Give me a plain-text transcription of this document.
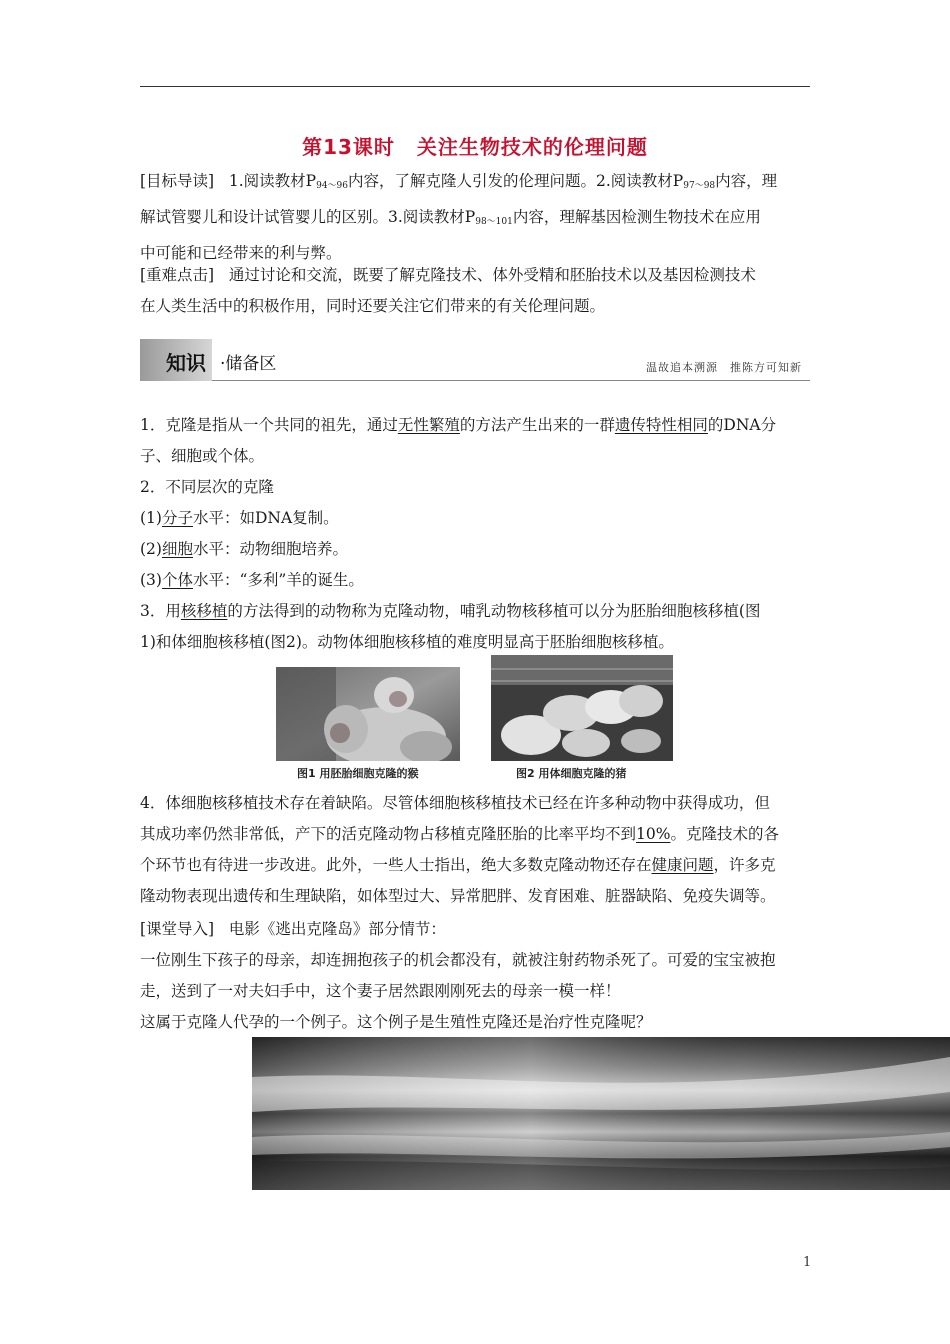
第13课时 关注生物技术的伦理问题
[目标导读] 1.阅读教材$P_{94\sim 96}$内容，了解克隆人引发的伦理问题。2.阅读教材$P_{97\sim 98}$内容，理
解试管婴儿和设计试管婴儿的区别。3.阅读教材$P_{98\sim 101}$内容，理解基因检测生物技术在应用
中可能和已经带来的利与弊。
[重难点击] 通过讨论和交流，既要了解克隆技术、体外受精和胚胎技术以及基因检测技术
在人类生活中的积极作用，同时还要关注它们带来的有关伦理问题。
知识 ·储备区	温故追本溯源　推陈方可知新
1．克隆是指从一个共同的祖先，通过无性繁殖的方法产生出来的一群遗传特性相同的DNA分
子、细胞或个体。
2．不同层次的克隆
(1)分子水平：如DNA复制。
(2)细胞水平：动物细胞培养。
(3)个体水平：“多利”羊的诞生。
3．用核移植的方法得到的动物称为克隆动物，哺乳动物核移植可以分为胚胎细胞核移植(图
1)和体细胞核移植(图2)。动物体细胞核移植的难度明显高于胚胎细胞核移植。
图1 用胚胎细胞克隆的猴	图2 用体细胞克隆的猪
4．体细胞核移植技术存在着缺陷。尽管体细胞核移植技术已经在许多种动物中获得成功，但
其成功率仍然非常低，产下的活克隆动物占移植克隆胚胎的比率平均不到10%。克隆技术的各
个环节也有待进一步改进。此外，一些人士指出，绝大多数克隆动物还存在健康问题，许多克
隆动物表现出遗传和生理缺陷，如体型过大、异常肥胖、发育困难、脏器缺陷、免疫失调等。
[课堂导入] 电影《逃出克隆岛》部分情节：
一位刚生下孩子的母亲，却连拥抱孩子的机会都没有，就被注射药物杀死了。可爱的宝宝被抱
走，送到了一对夫妇手中，这个妻子居然跟刚刚死去的母亲一模一样！
这属于克隆人代孕的一个例子。这个例子是生殖性克隆还是治疗性克隆呢？
1
